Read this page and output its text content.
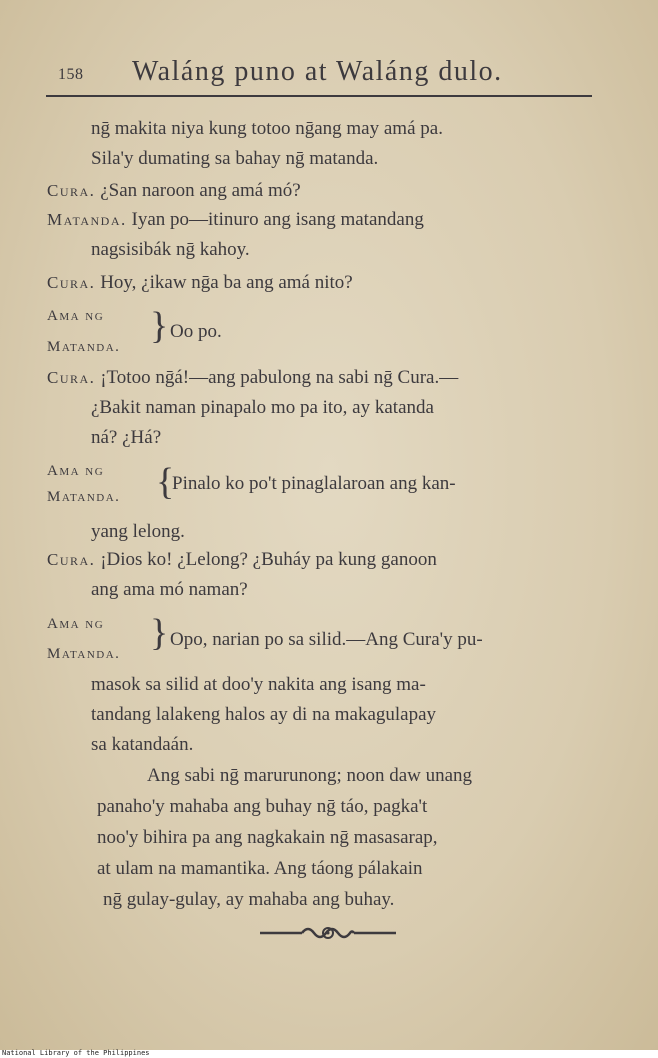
158 Waláng puno at Waláng dulo.
nḡ makita niya kung totoo nḡang may amá pa.
Sila'y dumating sa bahay nḡ matanda.
Cura. ¿San naroon ang amá mó?
Matanda. Iyan po—itinuro ang isang matandang
nagsisibák nḡ kahoy.
Cura. Hoy, ¿ikaw nḡa ba ang amá nito?
Ama ng
Matanda. } Oo po.
Cura. ¡Totoo nḡá!—ang pabulong na sabi nḡ Cura.—
¿Bakit naman pinapalo mo pa ito, ay katanda
ná? ¿Há?
Ama ng
Matanda. {
Pinalo ko po't pinaglalaroan ang kan-
yang lelong.
Cura. ¡Dios ko! ¿Lelong? ¿Buháy pa kung ganoon
ang ama mó naman?
Ama ng
Matanda. } Opo, narian po sa silid.—Ang Cura'y pu-
masok sa silid at doo'y nakita ang isang ma-
tandang lalakeng halos ay di na makagulapay
sa katandaán.
Ang sabi nḡ marurunong; noon daw unang
panaho'y mahaba ang buhay nḡ táo, pagka't
noo'y bihira pa ang nagkakain nḡ masasarap,
at ulam na mamantika. Ang táong pálakain
nḡ gulay-gulay, ay mahaba ang buhay.
National Library of the Philippines
